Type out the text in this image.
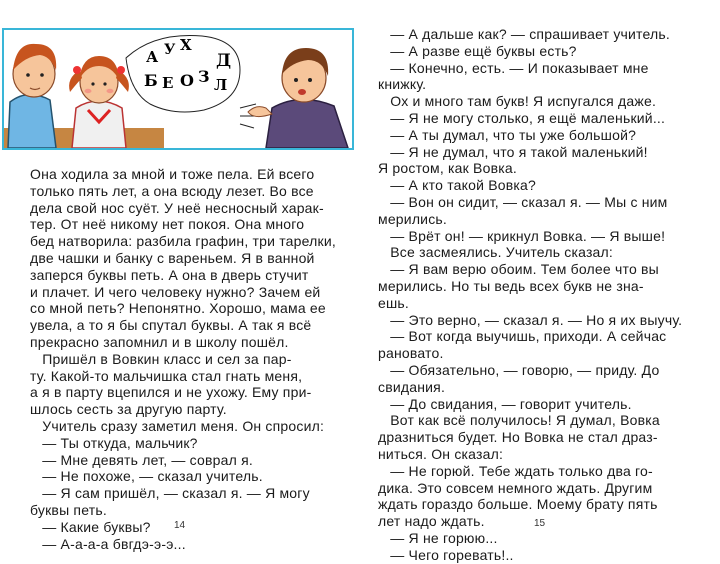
А У Х
Б Е О З Л
Д
Она ходила за мной и тоже пела. Ей всего
только пять лет, а она всюду лезет. Во все
дела свой нос суёт. У неё несносный харак-
тер. От неё никому нет покоя. Она много
бед натворила: разбила графин, три тарелки,
две чашки и банку с вареньем. Я в ванной
заперся буквы петь. А она в дверь стучит
и плачет. И чего человеку нужно? Зачем ей
со мной петь? Непонятно. Хорошо, мама ее
увела, а то я бы спутал буквы. А так я всё
прекрасно запомнил и в школу пошёл.
Пришёл в Вовкин класс и сел за пар-
ту. Какой-то мальчишка стал гнать меня,
а я в парту вцепился и не ухожу. Ему при-
шлось сесть за другую парту.
Учитель сразу заметил меня. Он спросил:
— Ты откуда, мальчик?
— Мне девять лет, — соврал я.
— Не похоже, — сказал учитель.
— Я сам пришёл, — сказал я. — Я могу
буквы петь.
— Какие буквы?
— А-а-а-а бвгдэ-э-э...
14
— А дальше как? — спрашивает учитель.
— А разве ещё буквы есть?
— Конечно, есть. — И показывает мне
книжку.
Ох и много там букв! Я испугался даже.
— Я не могу столько, я ещё маленький...
— А ты думал, что ты уже большой?
— Я не думал, что я такой маленький!
Я ростом, как Вовка.
— А кто такой Вовка?
— Вон он сидит, — сказал я. — Мы с ним
мерились.
— Врёт он! — крикнул Вовка. — Я выше!
Все засмеялись. Учитель сказал:
— Я вам верю обоим. Тем более что вы
мерились. Но ты ведь всех букв не зна-
ешь.
— Это верно, — сказал я. — Но я их выучу.
— Вот когда выучишь, приходи. А сейчас
рановато.
— Обязательно, — говорю, — приду. До
свидания.
— До свидания, — говорит учитель.
Вот как всё получилось! Я думал, Вовка
дразниться будет. Но Вовка не стал драз-
ниться. Он сказал:
— Не горюй. Тебе ждать только два го-
дика. Это совсем немного ждать. Другим
ждать гораздо больше. Моему брату пять
лет надо ждать.
— Я не горюю...
— Чего горевать!..
15
